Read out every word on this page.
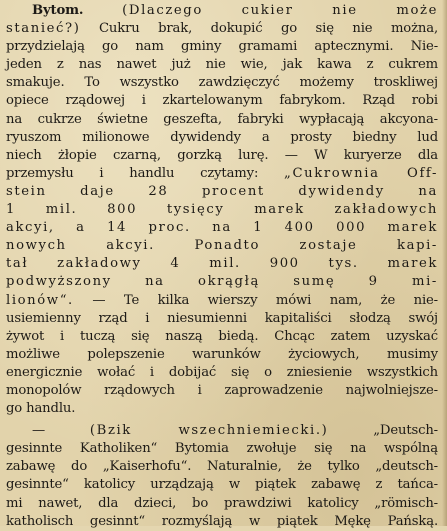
Bytom. (Dlaczego cukier nie może
stanieć?) Cukru brak, dokupić go się nie można,
przydzielają go nam gminy gramami aptecznymi. Nie-
jeden z nas nawet już nie wie, jak kawa z cukrem
smakuje. To wszystko zawdzięczyć możemy troskliwej
opiece rządowej i zkartelowanym fabrykom. Rząd robi
na cukrze świetne geszefta, fabryki wypłacają akcyona-
ryuszom milionowe dywidendy a prosty biedny lud
niech żłopie czarną, gorzką lurę. — W kuryerze dla
przemysłu i handlu czytamy: „Cukrownia Off-
stein daje 28 procent dywidendy na
1 mil. 800 tysięcy marek zakładowych
akcyi, a 14 proc. na 1 400 000 marek
nowych akcyi. Ponadto zostaje kapi-
tał zakładowy 4 mil. 900 tys. marek
podwyższony na okrągłą sumę 9 mi-
lionów“. — Te kilka wierszy mówi nam, że nie-
usiemienny rząd i niesumienni kapitaliści słodzą swój
żywot i tuczą się naszą biedą. Chcąc zatem uzyskać
możliwe polepszenie warunków życiowych, musimy
energicznie wołać i dobijać się o zniesienie wszystkich
monopolów rządowych i zaprowadzenie najwolniejsze-
go handlu.
— (Bzik wszechniemiecki.) „Deutsch-
gesinnte Katholiken“ Bytomia zwołuje się na wspólną
zabawę do „Kaiserhofu“. Naturalnie, że tylko „deutsch-
gesinnte“ katolicy urządzają w piątek zabawę z tańca-
mi nawet, dla dzieci, bo prawdziwi katolicy „römisch-
katholisch gesinnt“ rozmyślają w piątek Mękę Pańską.
